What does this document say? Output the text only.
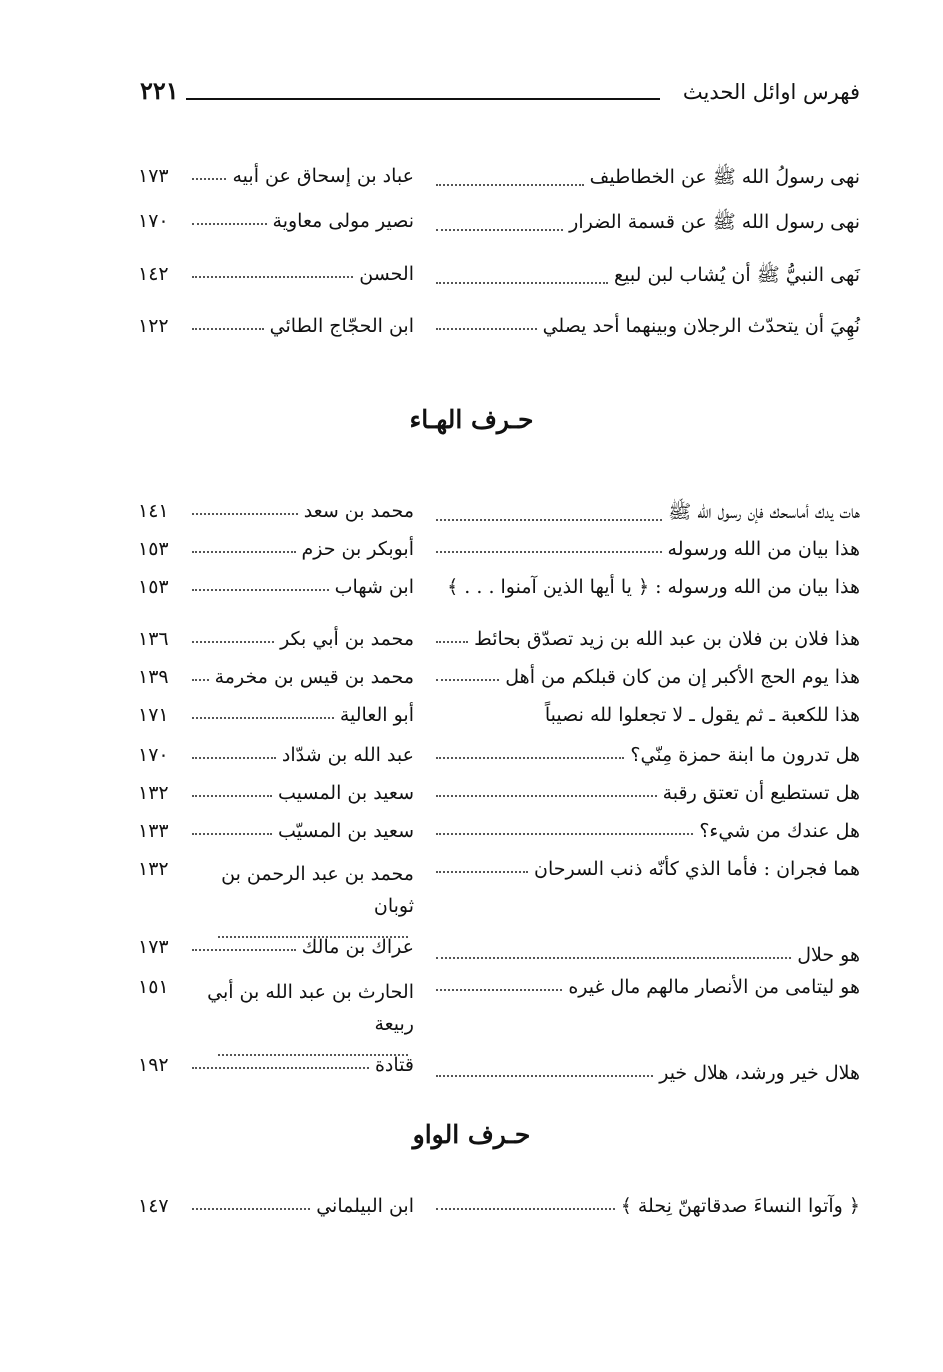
فهرس اوائل الحديث
٢٢١
نهى رسولُ الله ﷺ عن الخطاطيف
عباد بن إسحاق عن أبيه
١٧٣
نهى رسول الله ﷺ عن قسمة الضرار
نصير مولى معاوية
١٧٠
نَهى النبيُّ ﷺ أن يُشاب لبن لبيع
الحسن
١٤٢
نُهِيَ أن يتحدّث الرجلان وبينهما أحد يصلي
ابن الحجّاج الطائي
١٢٢
حـرف الهـاء
هات يدك أماسحك فإن رسول الله ﷺ
محمد بن سعد
١٤١
هذا بيان من الله ورسوله
أبوبكر بن حزم
١٥٣
هذا بيان من الله ورسوله : ﴿ يا أيها الذين آمنوا . . . ﴾
ابن شهاب
١٥٣
هذا فلان بن فلان بن عبد الله بن زيد تصدّق بحائط
محمد بن أبي بكر
١٣٦
هذا يوم الحج الأكبر إن من كان قبلكم من أهل
محمد بن قيس بن مخرمة
١٣٩
هذا للكعبة ـ ثم يقول ـ لا تجعلوا لله نصيباً
أبو العالية
١٧١
هل تدرون ما ابنة حمزة مِنّي؟
عبد الله بن شدّاد
١٧٠
هل تستطيع أن تعتق رقبة
سعيد بن المسيب
١٣٢
هل عندك من شيء؟
سعيد بن المسيّب
١٣٣
هما فجران : فأما الذي كأنّه ذنب السرحان
محمد بن عبد الرحمن بن ثوبان
١٣٢
هو حلال
عراك بن مالك
١٧٣
هو ليتامى من الأنصار مالهم مال غيره
الحارث بن عبد الله بن أبي ربيعة
١٥١
هلال خير ورشد، هلال خير
قتادة
١٩٢
حـرف الواو
﴿ وآتوا النساءَ صدقاتهنّ نِحلة ﴾
ابن البيلماني
١٤٧
